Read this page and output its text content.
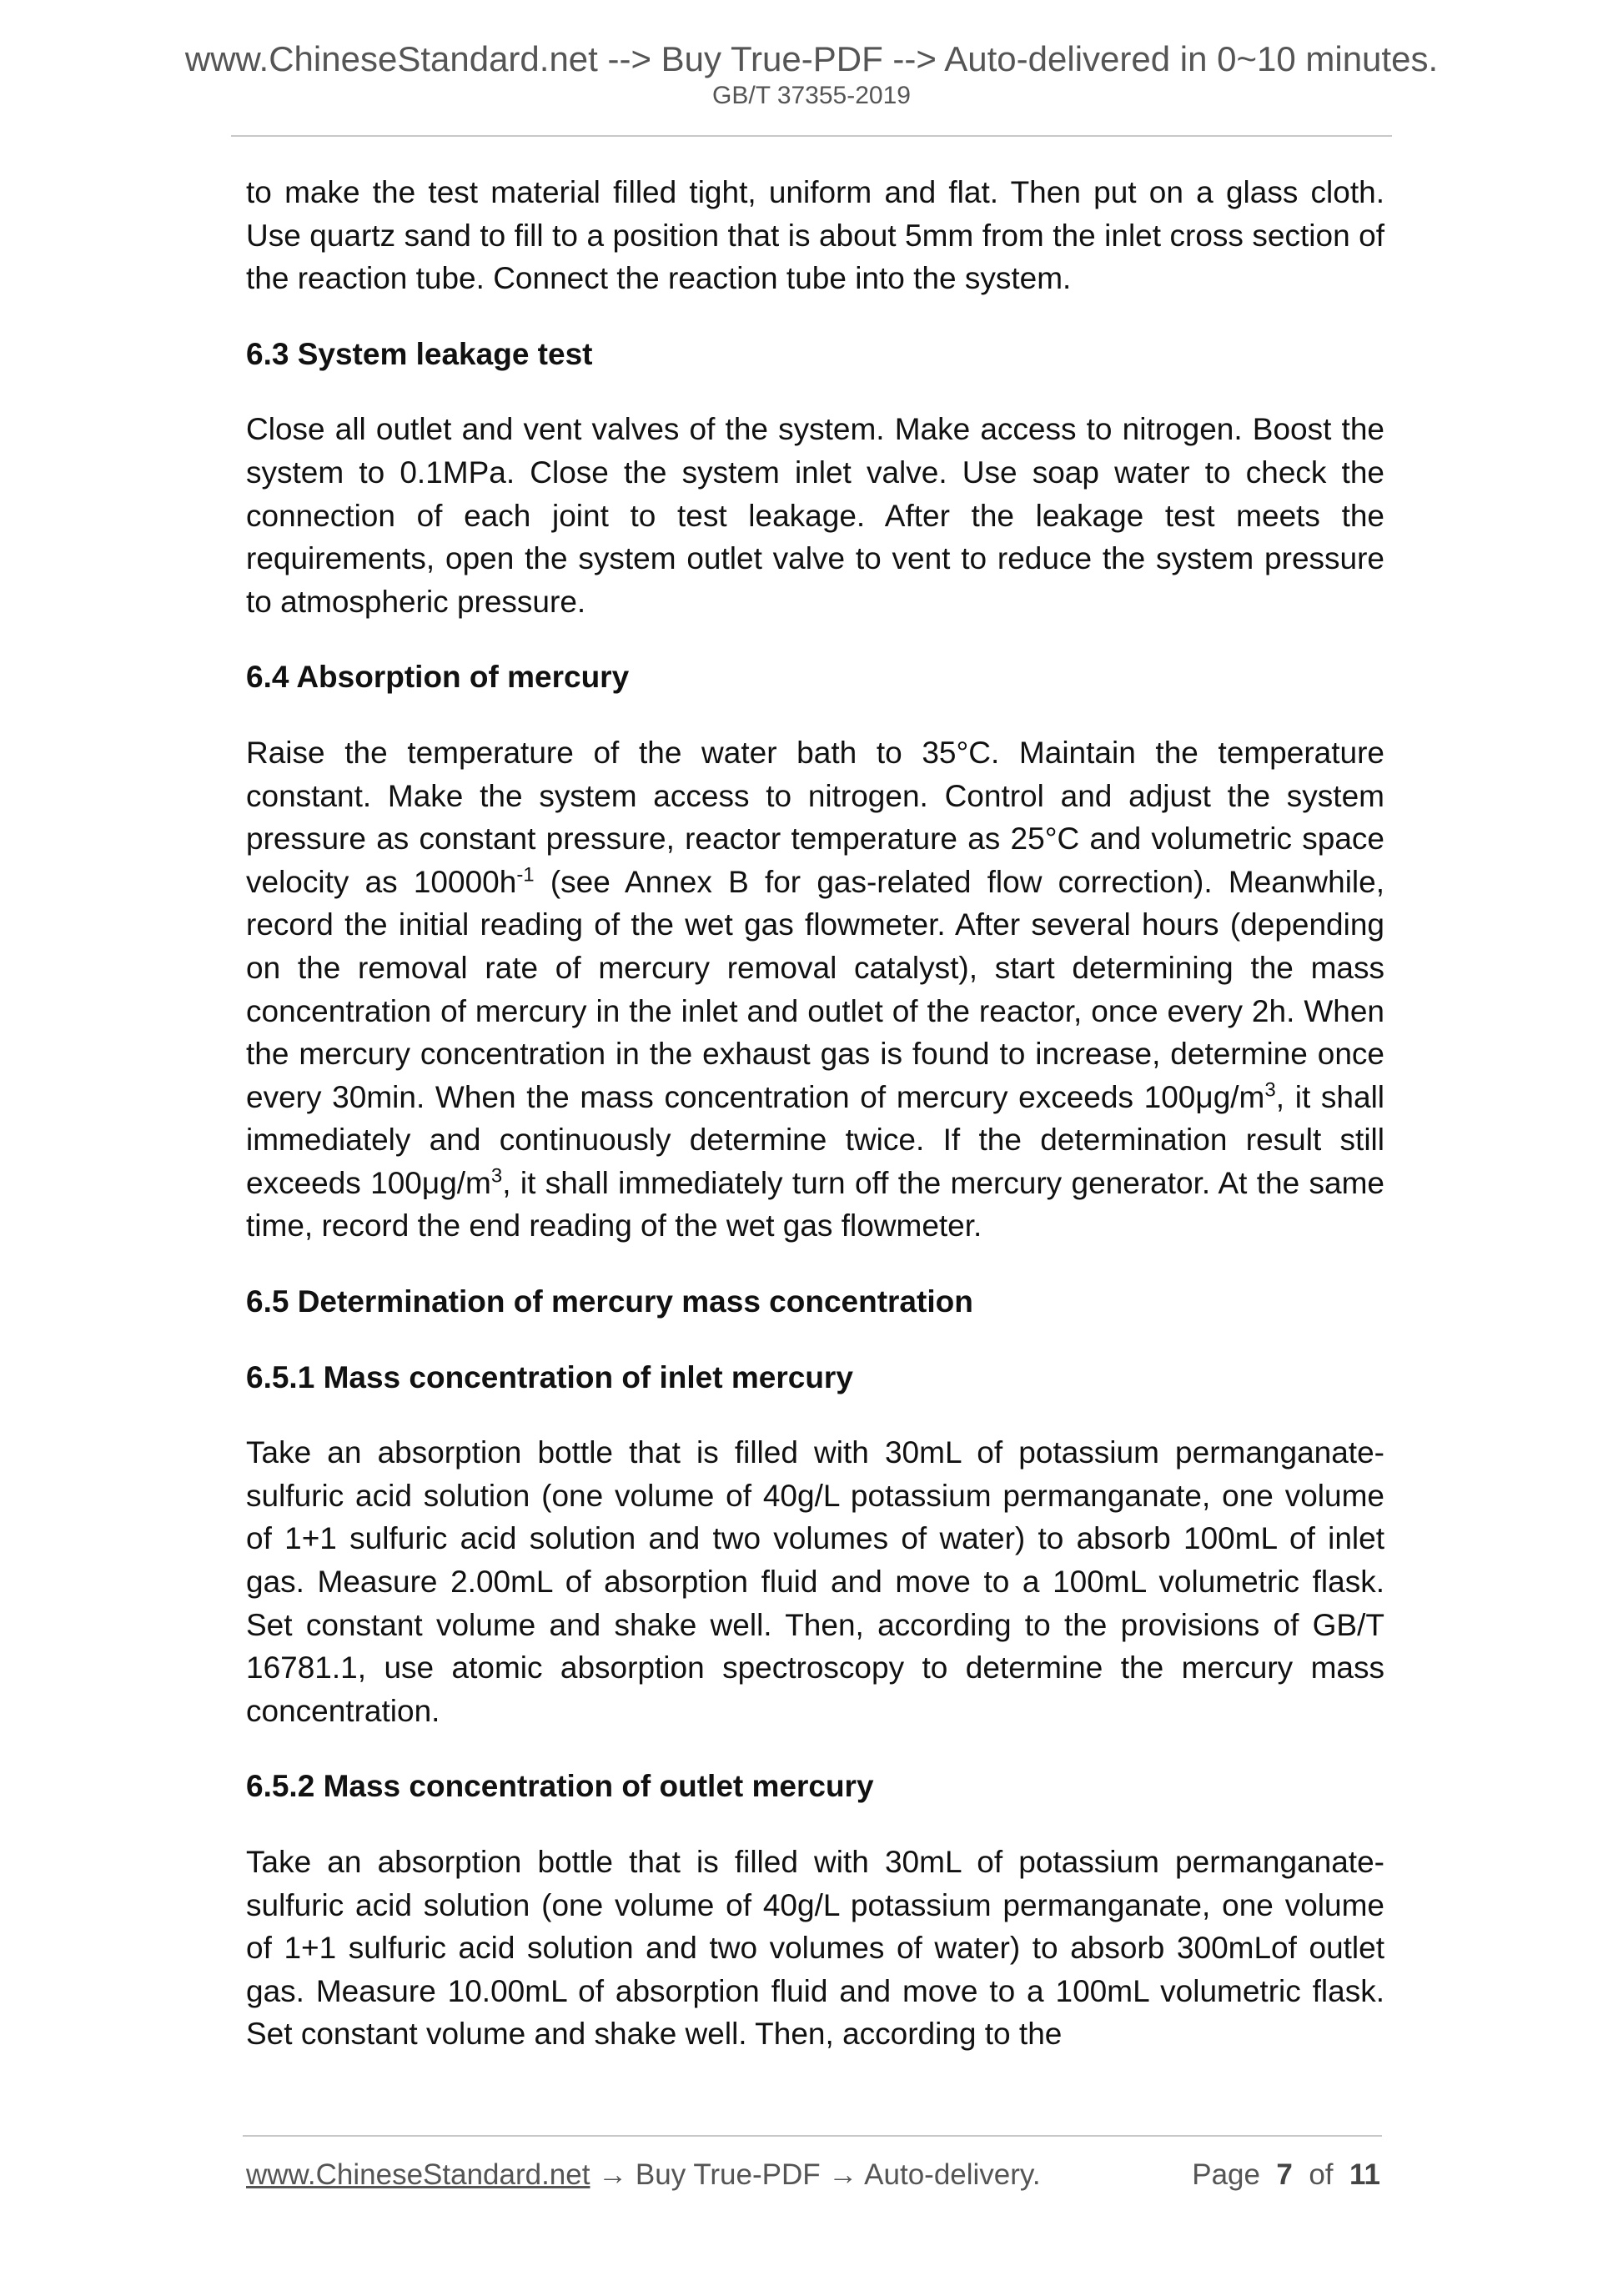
www.ChineseStandard.net --> Buy True-PDF --> Auto-delivered in 0~10 minutes.
GB/T 37355-2019

to make the test material filled tight, uniform and flat. Then put on a glass cloth. Use quartz sand to fill to a position that is about 5mm from the inlet cross section of the reaction tube. Connect the reaction tube into the system.

6.3 System leakage test

Close all outlet and vent valves of the system. Make access to nitrogen. Boost the system to 0.1MPa. Close the system inlet valve. Use soap water to check the connection of each joint to test leakage. After the leakage test meets the requirements, open the system outlet valve to vent to reduce the system pressure to atmospheric pressure.

6.4 Absorption of mercury

Raise the temperature of the water bath to 35°C. Maintain the temperature constant. Make the system access to nitrogen. Control and adjust the system pressure as constant pressure, reactor temperature as 25°C and volumetric space velocity as $10000h^{-1}$ (see Annex B for gas-related flow correction). Meanwhile, record the initial reading of the wet gas flowmeter. After several hours (depending on the removal rate of mercury removal catalyst), start determining the mass concentration of mercury in the inlet and outlet of the reactor, once every 2h. When the mercury concentration in the exhaust gas is found to increase, determine once every 30min. When the mass concentration of mercury exceeds $100\mu g/m^3$, it shall immediately and continuously determine twice. If the determination result still exceeds $100\mu g/m^3$, it shall immediately turn off the mercury generator. At the same time, record the end reading of the wet gas flowmeter.

6.5 Determination of mercury mass concentration
6.5.1 Mass concentration of inlet mercury

Take an absorption bottle that is filled with 30mL of potassium permanganate-sulfuric acid solution (one volume of 40g/L potassium permanganate, one volume of 1+1 sulfuric acid solution and two volumes of water) to absorb 100mL of inlet gas. Measure 2.00mL of absorption fluid and move to a 100mL volumetric flask. Set constant volume and shake well. Then, according to the provisions of GB/T 16781.1, use atomic absorption spectroscopy to determine the mercury mass concentration.

6.5.2 Mass concentration of outlet mercury

Take an absorption bottle that is filled with 30mL of potassium permanganate-sulfuric acid solution (one volume of 40g/L potassium permanganate, one volume of 1+1 sulfuric acid solution and two volumes of water) to absorb 300mLof outlet gas. Measure 10.00mL of absorption fluid and move to a 100mL volumetric flask. Set constant volume and shake well. Then, according to the

www.ChineseStandard.net → Buy True-PDF → Auto-delivery.	Page 7 of 11
